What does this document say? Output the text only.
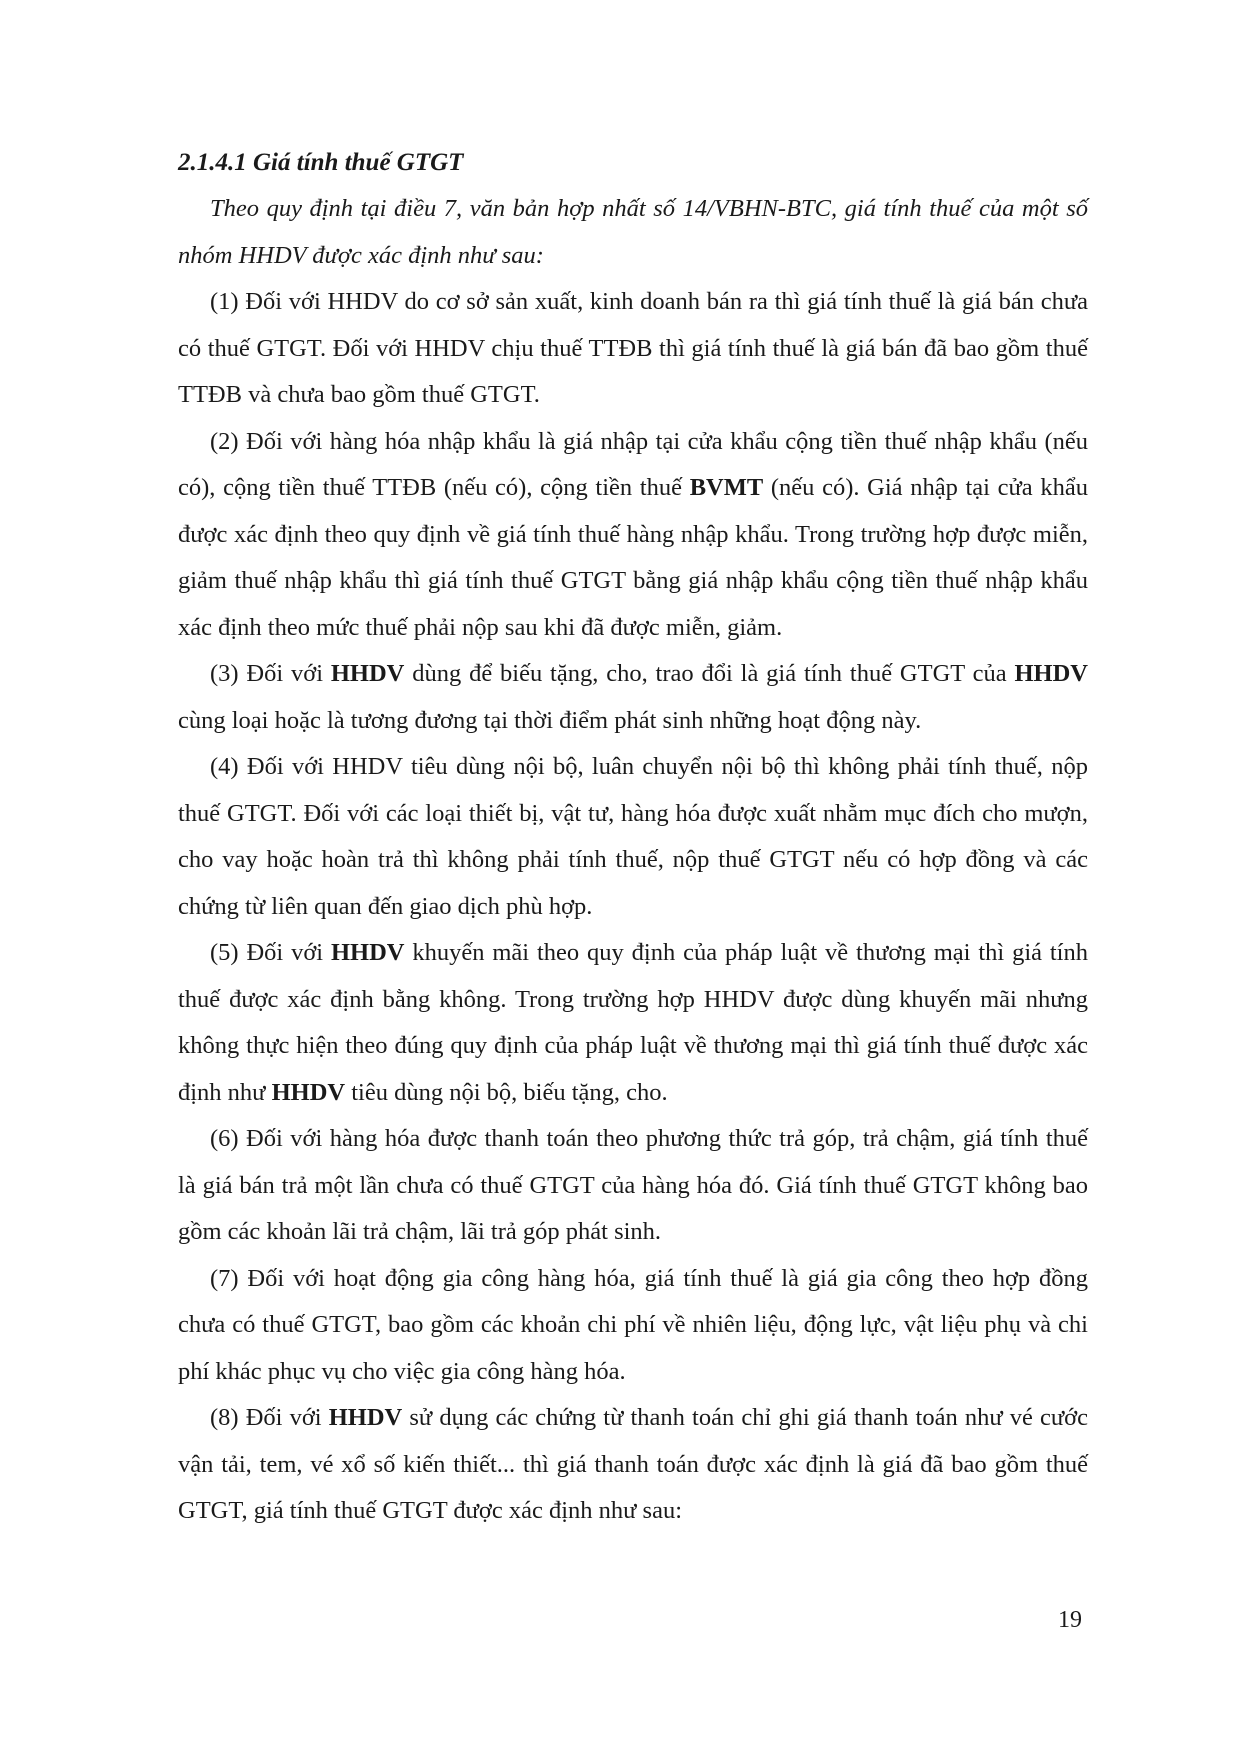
2.1.4.1 Giá tính thuế GTGT

Theo quy định tại điều 7, văn bản hợp nhất số 14/VBHN-BTC, giá tính thuế của một số nhóm HHDV được xác định như sau:

(1) Đối với HHDV do cơ sở sản xuất, kinh doanh bán ra thì giá tính thuế là giá bán chưa có thuế GTGT. Đối với HHDV chịu thuế TTĐB thì giá tính thuế là giá bán đã bao gồm thuế TTĐB và chưa bao gồm thuế GTGT.

(2) Đối với hàng hóa nhập khẩu là giá nhập tại cửa khẩu cộng tiền thuế nhập khẩu (nếu có), cộng tiền thuế TTĐB (nếu có), cộng tiền thuế BVMT (nếu có). Giá nhập tại cửa khẩu được xác định theo quy định về giá tính thuế hàng nhập khẩu. Trong trường hợp được miễn, giảm thuế nhập khẩu thì giá tính thuế GTGT bằng giá nhập khẩu cộng tiền thuế nhập khẩu xác định theo mức thuế phải nộp sau khi đã được miễn, giảm.

(3) Đối với HHDV dùng để biếu tặng, cho, trao đổi là giá tính thuế GTGT của HHDV cùng loại hoặc là tương đương tại thời điểm phát sinh những hoạt động này.

(4) Đối với HHDV tiêu dùng nội bộ, luân chuyển nội bộ thì không phải tính thuế, nộp thuế GTGT. Đối với các loại thiết bị, vật tư, hàng hóa được xuất nhằm mục đích cho mượn, cho vay hoặc hoàn trả thì không phải tính thuế, nộp thuế GTGT nếu có hợp đồng và các chứng từ liên quan đến giao dịch phù hợp.

(5) Đối với HHDV khuyến mãi theo quy định của pháp luật về thương mại thì giá tính thuế được xác định bằng không. Trong trường hợp HHDV được dùng khuyến mãi nhưng không thực hiện theo đúng quy định của pháp luật về thương mại thì giá tính thuế được xác định như HHDV tiêu dùng nội bộ, biếu tặng, cho.

(6) Đối với hàng hóa được thanh toán theo phương thức trả góp, trả chậm, giá tính thuế là giá bán trả một lần chưa có thuế GTGT của hàng hóa đó. Giá tính thuế GTGT không bao gồm các khoản lãi trả chậm, lãi trả góp phát sinh.

(7) Đối với hoạt động gia công hàng hóa, giá tính thuế là giá gia công theo hợp đồng chưa có thuế GTGT, bao gồm các khoản chi phí về nhiên liệu, động lực, vật liệu phụ và chi phí khác phục vụ cho việc gia công hàng hóa.

(8) Đối với HHDV sử dụng các chứng từ thanh toán chỉ ghi giá thanh toán như vé cước vận tải, tem, vé xổ số kiến thiết... thì giá thanh toán được xác định là giá đã bao gồm thuế GTGT, giá tính thuế GTGT được xác định như sau:

19
